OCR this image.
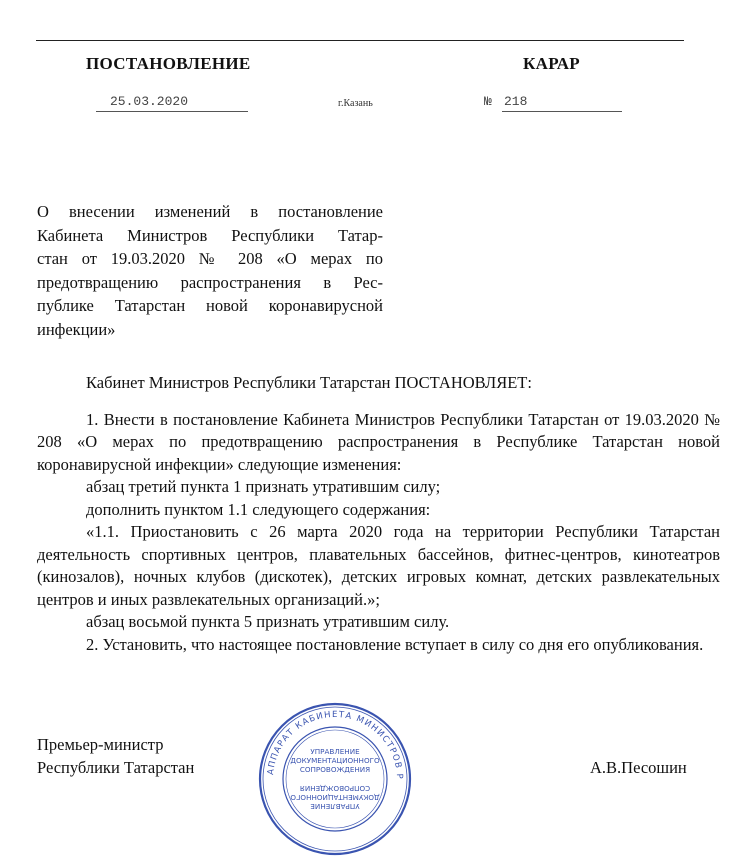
ПОСТАНОВЛЕНИЕ	КАРАР
25.03.2020	г.Казань	№ 218
О внесении изменений в постановление
Кабинета Министров Республики Татар-
стан от 19.03.2020 № 208 «О мерах по
предотвращению распространения в Рес-
публике Татарстан новой коронавирусной
инфекции»

Кабинет Министров Республики Татарстан ПОСТАНОВЛЯЕТ:

1. Внести в постановление Кабинета Министров Республики Татарстан от 19.03.2020 № 208 «О мерах по предотвращению распространения в Республике Татарстан новой коронавирусной инфекции» следующие изменения:

абзац третий пункта 1 признать утратившим силу;

дополнить пунктом 1.1 следующего содержания:

«1.1. Приостановить с 26 марта 2020 года на территории Республики Татарстан деятельность спортивных центров, плавательных бассейнов, фитнес-центров, кинотеатров (кинозалов), ночных клубов (дискотек), детских игровых комнат, детских развлекательных центров и иных развлекательных организаций.»;

абзац восьмой пункта 5 признать утратившим силу.

2. Установить, что настоящее постановление вступает в силу со дня его опубликования.

Премьер-министр
Республики Татарстан	А.В.Песошин
АППАРАТ КАБИНЕТА МИНИСТРОВ Р
УПРАВЛЕНИЕ
ДОКУМЕНТАЦИОННОГО
СОПРОВОЖДЕНИЯ
УПРАВЛЕНИЕ
ДОКУМЕНТАЦИОННОГО
СОПРОВОЖДЕНИЯ
